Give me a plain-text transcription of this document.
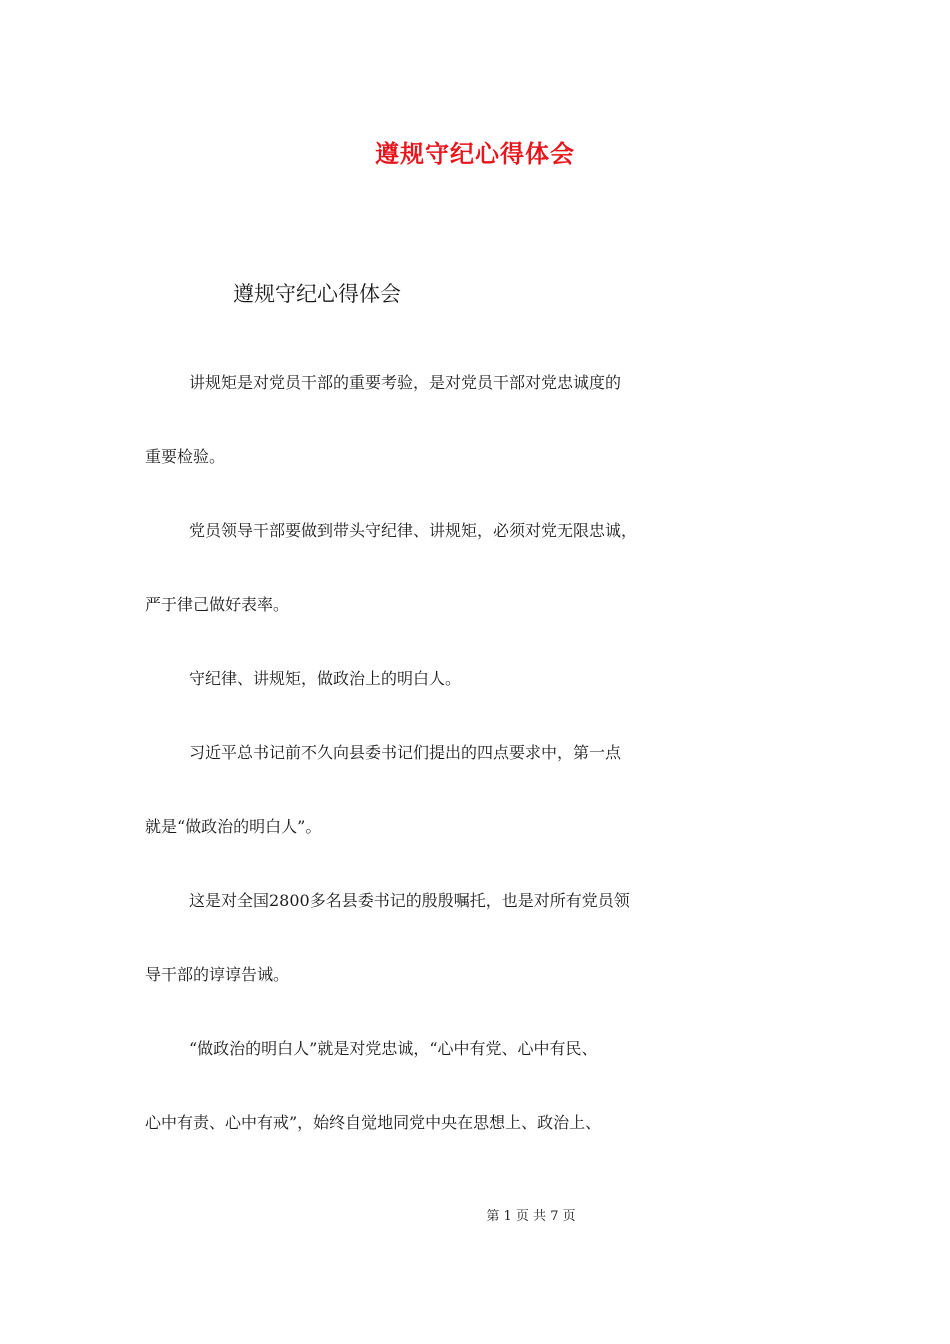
遵规守纪心得体会
遵规守纪心得体会
讲规矩是对党员干部的重要考验，是对党员干部对党忠诚度的
重要检验。
党员领导干部要做到带头守纪律、讲规矩，必须对党无限忠诚，
严于律己做好表率。
守纪律、讲规矩，做政治上的明白人。
习近平总书记前不久向县委书记们提出的四点要求中，第一点
就是“做政治的明白人”。
这是对全国2800多名县委书记的殷殷嘱托，也是对所有党员领
导干部的谆谆告诫。
“做政治的明白人”就是对党忠诚，“心中有党、心中有民、
心中有责、心中有戒”，始终自觉地同党中央在思想上、政治上、
第 1 页 共 7 页
